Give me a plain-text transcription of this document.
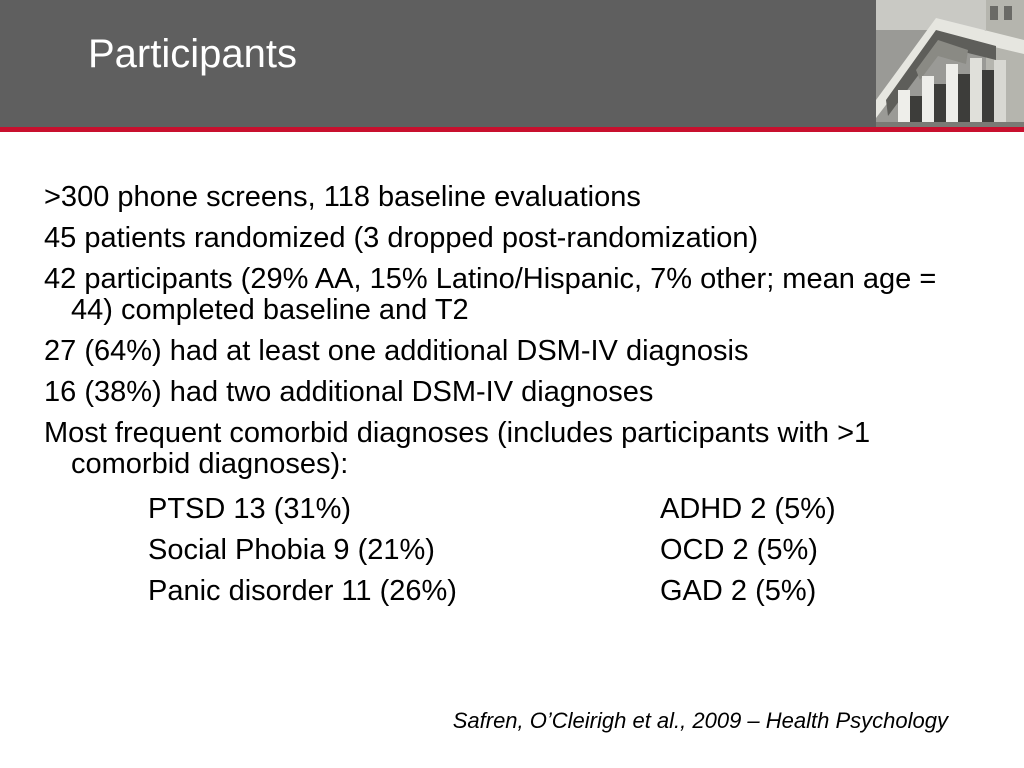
Participants
>300 phone screens, 118 baseline evaluations
45 patients randomized (3 dropped post-randomization)
42 participants (29% AA, 15% Latino/Hispanic, 7% other; mean age = 44) completed baseline and T2
27 (64%) had at least one additional DSM-IV diagnosis
16 (38%) had two additional DSM-IV diagnoses
Most frequent comorbid diagnoses (includes participants with >1 comorbid diagnoses):
PTSD 13 (31%)	ADHD 2 (5%)
Social Phobia 9 (21%)	OCD 2 (5%)
Panic disorder 11 (26%)	GAD 2 (5%)
Safren, O’Cleirigh et al., 2009 – Health Psychology
